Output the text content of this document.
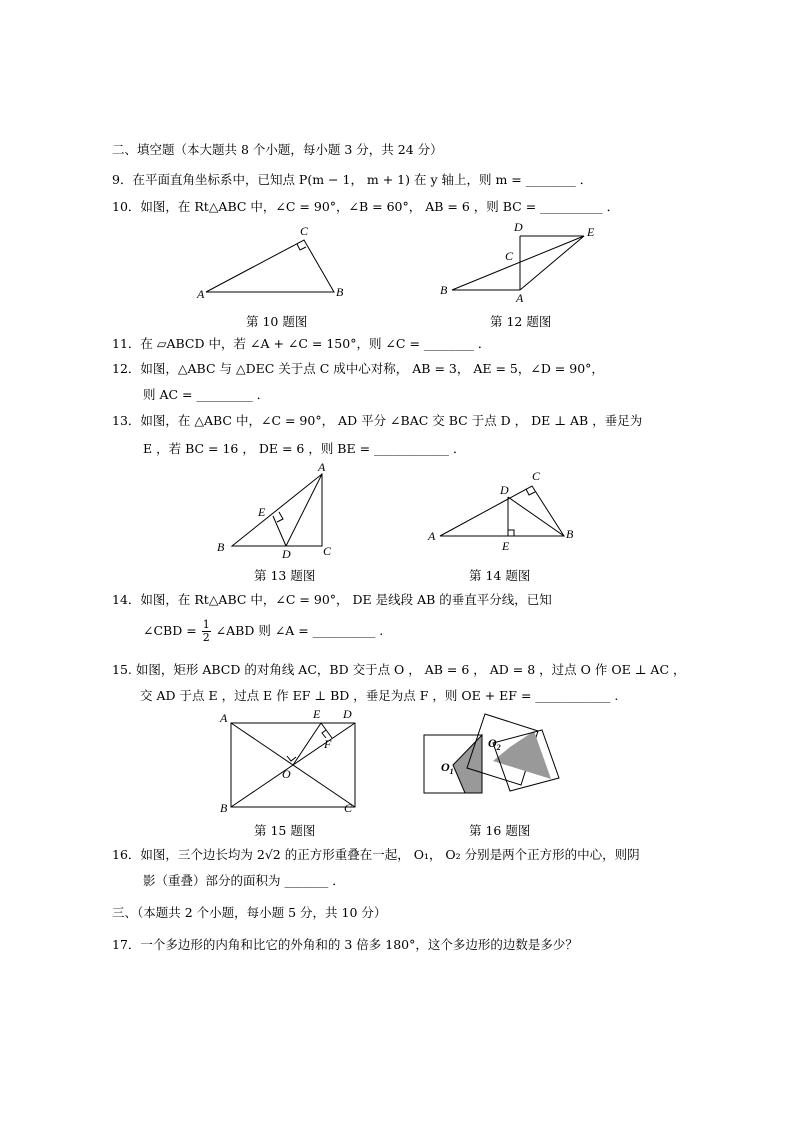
二、填空题（本大题共 8 个小题，每小题 3 分，共 24 分）
9．在平面直角坐标系中，已知点 P(m − 1， m + 1) 在 y 轴上，则 m = ________ ．
10．如图，在 Rt△ABC 中，∠C = 90°，∠B = 60°， AB = 6 ，则 BC = __________ ．
A
C
B
第 10 题图
B
A
C
D	E
第 12 题图
11．在 ▱ABCD 中，若 ∠A + ∠C = 150°，则 ∠C = ________ ．
12．如图，△ABC 与 △DEC 关于点 C 成中心对称， AB = 3， AE = 5，∠D = 90°，
则 AC = _________ ．
13．如图，在 △ABC 中，∠C = 90°， AD 平分 ∠BAC 交 BC 于点 D ， DE ⊥ AB ，垂足为
E ，若 BC = 16 ， DE = 6 ，则 BE = ____________ ．
B	D	C
A
E
第 13 题图
A	B
C
D
E
第 14 题图
14．如图，在 Rt△ABC 中，∠C = 90°， DE 是线段 AB 的垂直平分线，已知
∠CBD = $\frac{1}{2}$ ∠ABD 则 ∠A = __________ .
15. 如图，矩形 ABCD 的对角线 AC，BD 交于点 O ， AB = 6 ， AD = 8 ，过点 O 作 OE ⊥ AC ，
交 AD 于点 E ，过点 E 作 EF ⊥ BD ，垂足为点 F ，则 OE + EF = ____________ .
A	E D
F
O
B	C
第 15 题图
$O_1$
$O_2$
第 16 题图
16．如图，三个边长均为 2√2 的正方形重叠在一起， O₁， O₂ 分别是两个正方形的中心，则阴
影（重叠）部分的面积为 _______ ．
三、（本题共 2 个小题，每小题 5 分，共 10 分）
17．一个多边形的内角和比它的外角和的 3 倍多 180°，这个多边形的边数是多少？
